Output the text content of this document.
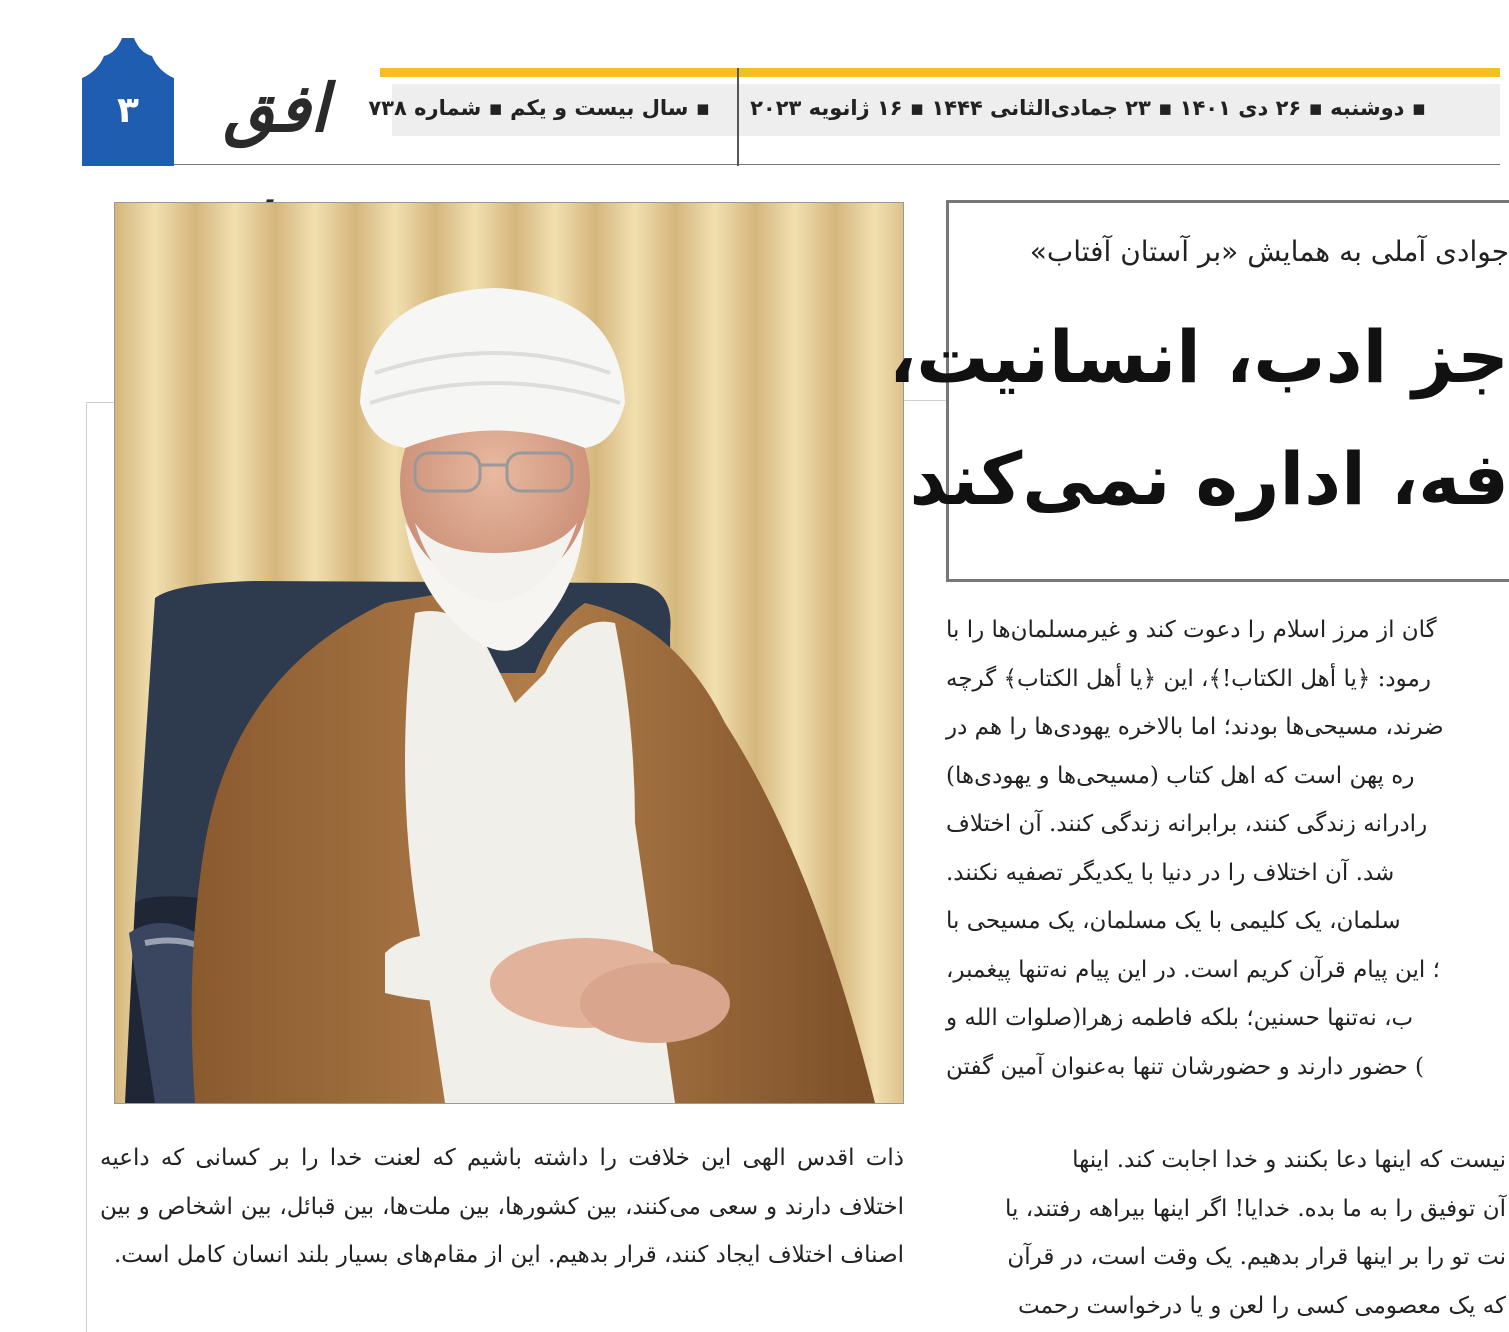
۳	افق	▪ سال بیست و یکم ▪ شماره ۷۳۸ ▪ دوشنبه ▪ ۲۶ دی ۱۴۰۱ ▪ ۲۳ جمادی‌الثانی ۱۴۴۴ ▪ ۱۶ ژانویه ۲۰۲۳
جوادی آملی به همایش «بر آستان آفتاب»
جز ادب، انسانیت،
فه، اداره نمی‌کند

گان از مرز اسلام را دعوت کند و غیرمسلمان‌ها را با

رمود: ﴿یا أهل الکتاب!﴾، این ﴿یا أهل الکتاب﴾ گرچه

ضرند، مسیحی‌ها بودند؛ اما بالاخره یهودی‌ها را هم در

ره پهن است که اهل کتاب (مسیحی‌ها و یهودی‌ها)

رادرانه زندگی کنند، برابرانه زندگی کنند. آن اختلاف

شد. آن اختلاف را در دنیا با یکدیگر تصفیه نکنند.

سلمان، یک کلیمی با یک مسلمان، یک مسیحی با

؛ این پیام قرآن کریم است. در این پیام نه‌تنها پیغمبر،

ب، نه‌تنها حسنین؛ بلکه فاطمه زهرا(صلوات الله و

) حضور دارند و حضورشان تنها به‌عنوان آمین گفتن

نیست که اینها دعا بکنند و خدا اجابت کند. اینها

آن توفیق را به ما بده. خدایا! اگر اینها بیراهه رفتند، یا

نت تو را بر اینها قرار بدهیم. یک وقت است، در قرآن

که یک معصومی کسی را لعن و یا درخواست رحمت

ذات اقدس الهی این خلافت را داشته باشیم که لعنت خدا را بر کسانی که داعیه اختلاف دارند و سعی می‌کنند، بین کشورها، بین ملت‌ها، بین قبائل، بین اشخاص و بین اصناف اختلاف ایجاد کنند، قرار بدهیم. این از مقام‌های بسیار بلند انسان کامل است.
